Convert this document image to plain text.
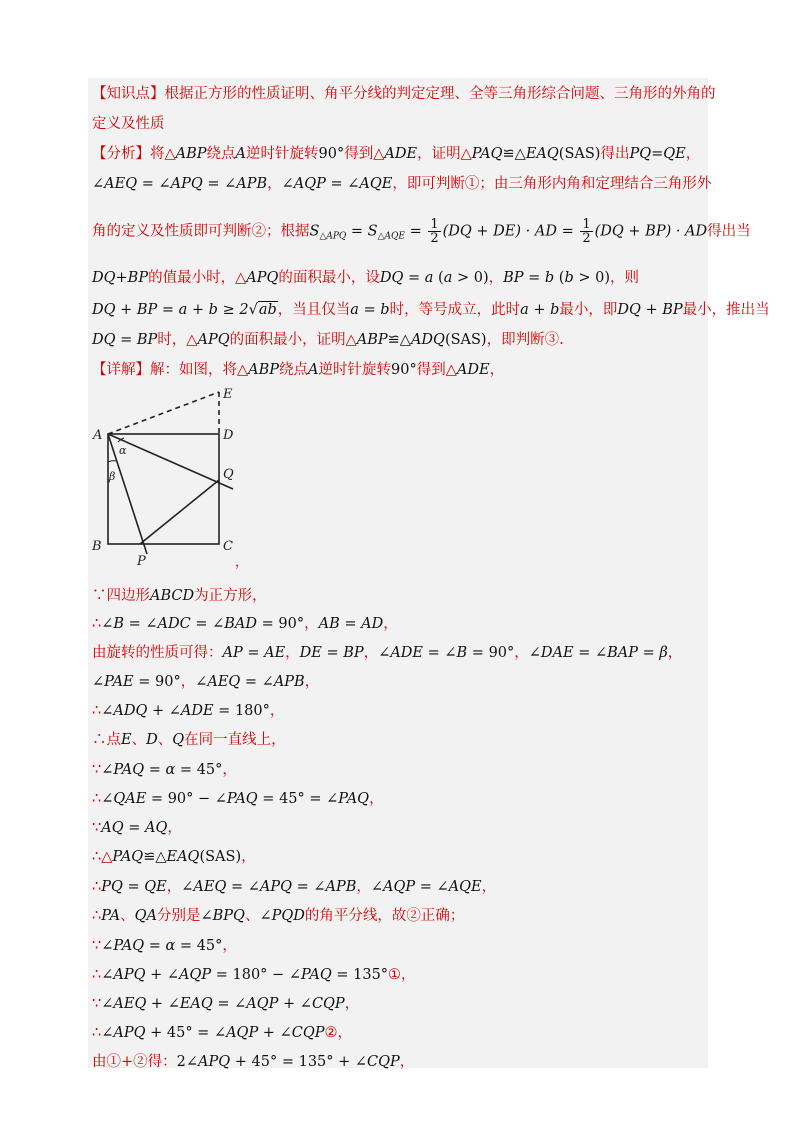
【知识点】根据正方形的性质证明、角平分线的判定定理、全等三角形综合问题、三角形的外角的
定义及性质
【分析】将△ABP绕点A逆时针旋转90°得到△ADE，证明△PAQ≌△EAQ(SAS)得出PQ=QE，
∠AEQ = ∠APQ = ∠APB，∠AQP = ∠AQE，即可判断①；由三角形内角和定理结合三角形外
DQ+BP的值最小时，△APQ的面积最小，设DQ = a (a > 0)，BP = b (b > 0)，则
DQ = BP时，△APQ的面积最小，证明△ABP≌△ADQ(SAS)，即判断③.
【详解】解：如图，将△ABP绕点A逆时针旋转90°得到△ADE，
∵四边形ABCD为正方形，
∴∠B = ∠ADC = ∠BAD = 90°，AB = AD，
由旋转的性质可得：AP = AE，DE = BP，∠ADE = ∠B = 90°，∠DAE = ∠BAP = β，
∠PAE = 90°，∠AEQ = ∠APB，
∴∠ADQ + ∠ADE = 180°，
∴点E、D、Q在同一直线上，
∵∠PAQ = α = 45°，
∴∠QAE = 90° − ∠PAQ = 45° = ∠PAQ，
∵AQ = AQ，
∴△PAQ≌△EAQ(SAS)，
∴PQ = QE，∠AEQ = ∠APQ = ∠APB，∠AQP = ∠AQE，
∴PA、QA分别是∠BPQ、∠PQD的角平分线，故②正确；
∵∠PAQ = α = 45°，
∴∠APQ + ∠AQP = 180° − ∠PAQ = 135°①，
∵∠AEQ + ∠EAQ = ∠AQP + ∠CQP，
∴∠APQ + 45° = ∠AQP + ∠CQP②，
由①+②得：2∠APQ + 45° = 135° + ∠CQP，
角的定义及性质即可判断②；根据$S_{\triangle APQ} = S_{\triangle AQE} = \frac{1}{2} (DQ + DE)$ · AD = $\frac{1}{2} (DQ + BP)$ · AD得出当
DQ + BP = a + b ≥ 2√ab，当且仅当a = b时，等号成立，此时a + b最小，即DQ + BP最小，推出当
E
A	D
α
β	Q
B	C
P	，
